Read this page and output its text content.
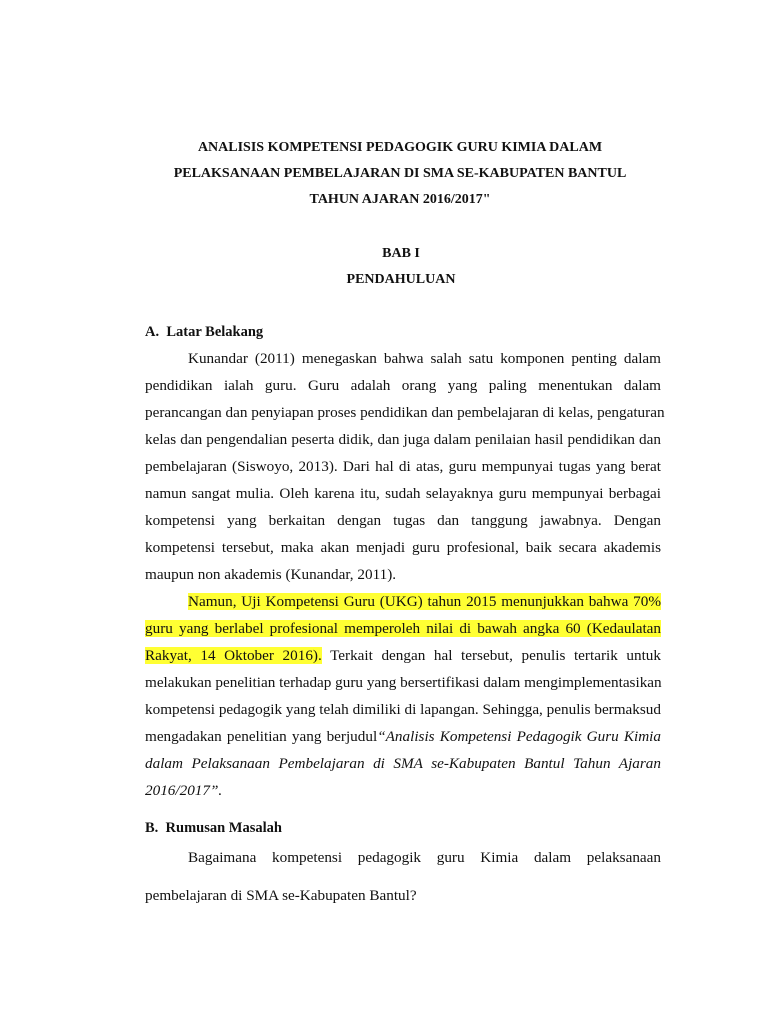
ANALISIS KOMPETENSI PEDAGOGIK GURU KIMIA DALAM
PELAKSANAAN PEMBELAJARAN DI SMA SE-KABUPATEN BANTUL
TAHUN AJARAN 2016/2017"
BAB I
PENDAHULUAN
A. Latar Belakang
Kunandar (2011) menegaskan bahwa salah satu komponen penting dalam
pendidikan ialah guru. Guru adalah orang yang paling menentukan dalam
perancangan dan penyiapan proses pendidikan dan pembelajaran di kelas, pengaturan
kelas dan pengendalian peserta didik, dan juga dalam penilaian hasil pendidikan dan
pembelajaran (Siswoyo, 2013). Dari hal di atas, guru mempunyai tugas yang berat
namun sangat mulia. Oleh karena itu, sudah selayaknya guru mempunyai berbagai
kompetensi yang berkaitan dengan tugas dan tanggung jawabnya. Dengan
kompetensi tersebut, maka akan menjadi guru profesional, baik secara akademis
maupun non akademis (Kunandar, 2011).
Namun, Uji Kompetensi Guru (UKG) tahun 2015 menunjukkan bahwa 70%
guru yang berlabel profesional memperoleh nilai di bawah angka 60 (Kedaulatan
Rakyat, 14 Oktober 2016). Terkait dengan hal tersebut, penulis tertarik untuk
melakukan penelitian terhadap guru yang bersertifikasi dalam mengimplementasikan
kompetensi pedagogik yang telah dimiliki di lapangan. Sehingga, penulis bermaksud
mengadakan penelitian yang berjudul“Analisis Kompetensi Pedagogik Guru Kimia
dalam Pelaksanaan Pembelajaran di SMA se-Kabupaten Bantul Tahun Ajaran
2016/2017”.
B. Rumusan Masalah
Bagaimana kompetensi pedagogik guru Kimia dalam pelaksanaan
pembelajaran di SMA se-Kabupaten Bantul?
